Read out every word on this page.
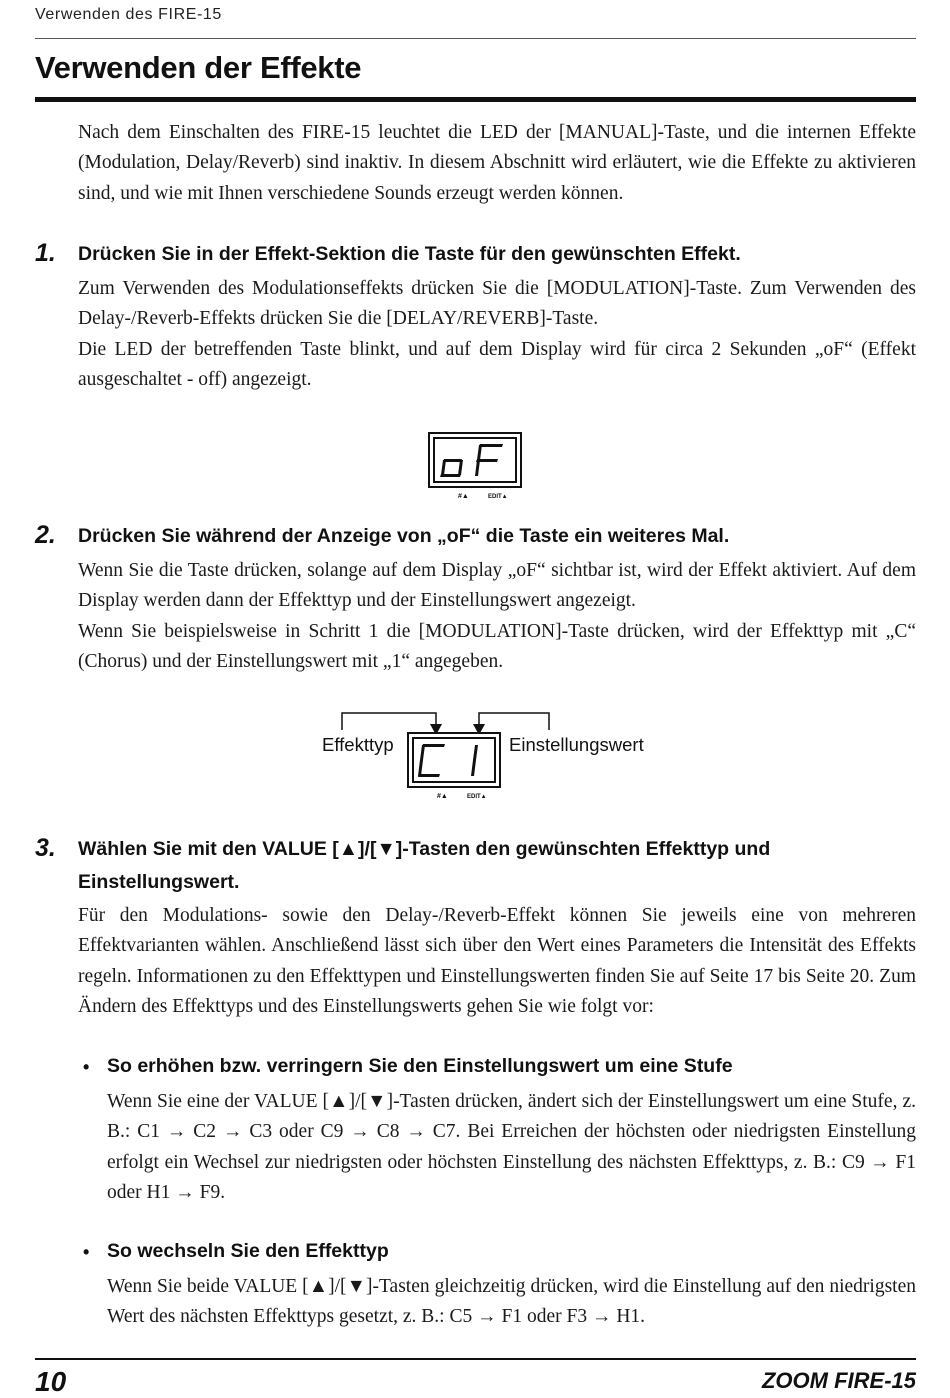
Verwenden des FIRE-15
Verwenden der Effekte

Nach dem Einschalten des FIRE-15 leuchtet die LED der [MANUAL]-Taste, und die internen Effekte (Modulation, Delay/Reverb) sind inaktiv. In diesem Abschnitt wird erläutert, wie die Effekte zu aktivieren sind, und wie mit Ihnen verschiedene Sounds erzeugt werden können.

1. Drücken Sie in der Effekt-Sektion die Taste für den gewünschten Effekt.

Zum Verwenden des Modulationseffekts drücken Sie die [MODULATION]-Taste. Zum Verwenden des Delay-/Reverb-Effekts drücken Sie die [DELAY/REVERB]-Taste.

Die LED der betreffenden Taste blinkt, und auf dem Display wird für circa 2 Sekunden „oF“ (Effekt ausgeschaltet - off) angezeigt.

#▲	EDIT▲
2. Drücken Sie während der Anzeige von „oF“ die Taste ein weiteres Mal.

Wenn Sie die Taste drücken, solange auf dem Display „oF“ sichtbar ist, wird der Effekt aktiviert. Auf dem Display werden dann der Effekttyp und der Einstellungswert angezeigt.

Wenn Sie beispielsweise in Schritt 1 die [MODULATION]-Taste drücken, wird der Effekttyp mit „C“ (Chorus) und der Einstellungswert mit „1“ angegeben.

#▲	EDIT▲
Effekttyp	Einstellungswert
3. Wählen Sie mit den VALUE [▲]/[▼]-Tasten den gewünschten Effekttyp und

Einstellungswert.

Für den Modulations- sowie den Delay-/Reverb-Effekt können Sie jeweils eine von mehreren Effektvarianten wählen. Anschließend lässt sich über den Wert eines Parameters die Intensität des Effekts regeln. Informationen zu den Effekttypen und Einstellungswerten finden Sie auf Seite 17 bis Seite 20. Zum Ändern des Effekttyps und des Einstellungswerts gehen Sie wie folgt vor:

• So erhöhen bzw. verringern Sie den Einstellungswert um eine Stufe

Wenn Sie eine der VALUE [▲]/[▼]-Tasten drücken, ändert sich der Einstellungswert um eine Stufe, z. B.: C1 → C2 → C3 oder C9 → C8 → C7. Bei Erreichen der höchsten oder niedrigsten Einstellung erfolgt ein Wechsel zur niedrigsten oder höchsten Einstellung des nächsten Effekttyps, z. B.: C9 → F1 oder H1 → F9.

• So wechseln Sie den Effekttyp

Wenn Sie beide VALUE [▲]/[▼]-Tasten gleichzeitig drücken, wird die Einstellung auf den niedrigsten Wert des nächsten Effekttyps gesetzt, z. B.: C5 → F1 oder F3 → H1.

10	ZOOM FIRE-15
